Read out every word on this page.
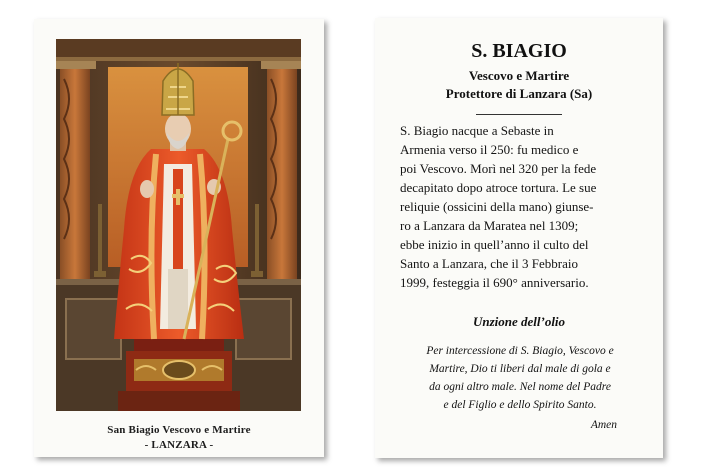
San Biagio Vescovo e Martire
- LANZARA -
S. BIAGIO
Vescovo e Martire
Protettore di Lanzara (Sa)
S. Biagio nacque a Sebaste in
Armenia verso il 250: fu medico e
poi Vescovo. Morì nel 320 per la fede
decapitato dopo atroce tortura. Le sue
reliquie (ossicini della mano) giunse-
ro a Lanzara da Maratea nel 1309;
ebbe inizio in quell’anno il culto del
Santo a Lanzara, che il 3 Febbraio
1999, festeggia il 690° anniversario.
Unzione dell’olio
Per intercessione di S. Biagio, Vescovo e
Martire, Dio ti liberi dal male di gola e
da ogni altro male. Nel nome del Padre
e del Figlio e dello Spirito Santo.
Amen
